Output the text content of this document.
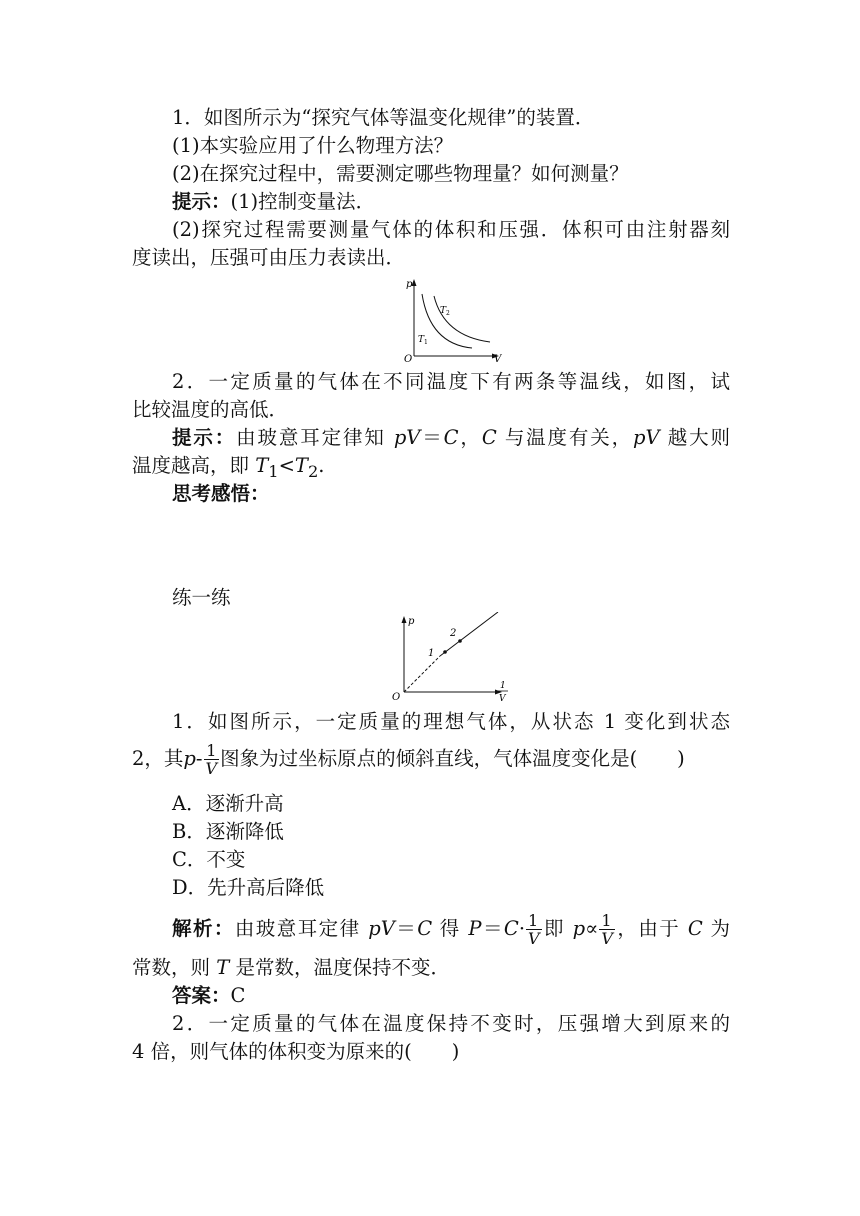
1．如图所示为“探究气体等温变化规律”的装置．
(1)本实验应用了什么物理方法？
(2)在探究过程中，需要测定哪些物理量？如何测量？
提示：(1)控制变量法．
(2)探究过程需要测量气体的体积和压强．体积可由注射器刻
度读出，压强可由压力表读出．
p
V
O
$T_1$
$T_2$
2．一定质量的气体在不同温度下有两条等温线，如图，试
比较温度的高低．
提示：由玻意耳定律知 pV＝C，C 与温度有关，pV 越大则
温度越高，即 $T_1<T_2$.
思考感悟：
练一练
p
O
1
2
1
V
1．如图所示，一定质量的理想气体，从状态 1 变化到状态
2，其$p- \frac{1}{V}$ 图象为过坐标原点的倾斜直线，气体温度变化是( )
A．逐渐升高
B．逐渐降低
C．不变
D．先升高后降低
解析：由玻意耳定律 pV＝C 得 $P=C\cdot \frac{1}{V}$ 即 $p\propto \frac{1}{V}$ ，由于 C 为
常数，则 T 是常数，温度保持不变．
答案：C
2．一定质量的气体在温度保持不变时，压强增大到原来的
4 倍，则气体的体积变为原来的( )
